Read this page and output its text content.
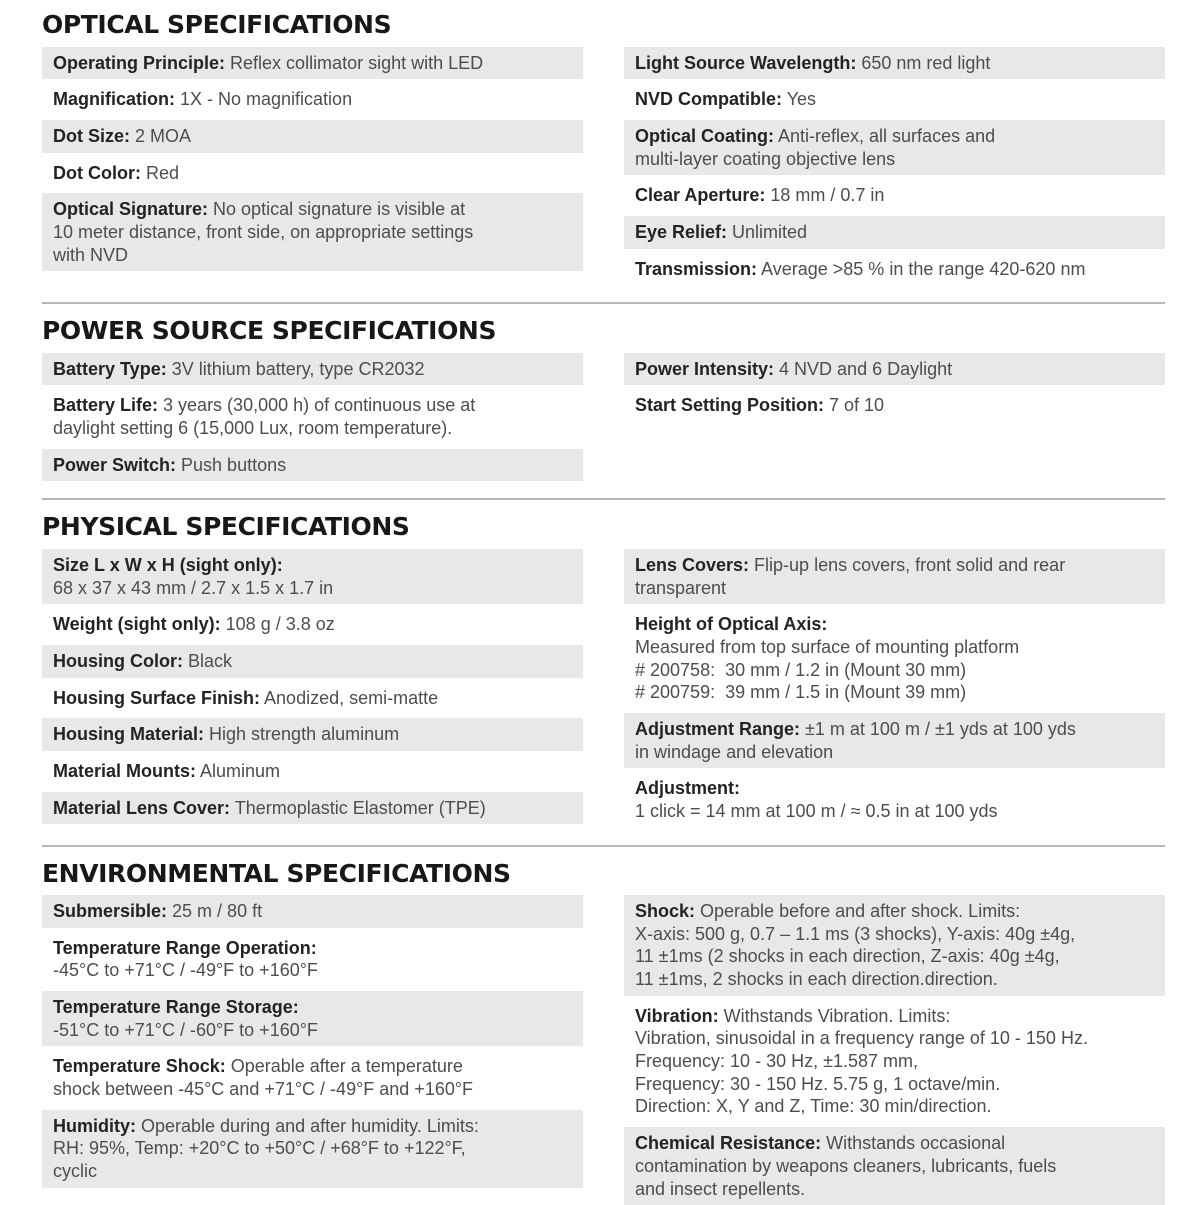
OPTICAL SPECIFICATIONS
Operating Principle: Reflex collimator sight with LED
Magnification: 1X - No magnification
Dot Size: 2 MOA
Dot Color: Red
Optical Signature: No optical signature is visible at
10 meter distance, front side, on appropriate settings
with NVD
Light Source Wavelength: 650 nm red light
NVD Compatible: Yes
Optical Coating: Anti-reflex, all surfaces and
multi-layer coating objective lens
Clear Aperture: 18 mm / 0.7 in
Eye Relief: Unlimited
Transmission: Average >85 % in the range 420-620 nm
POWER SOURCE SPECIFICATIONS
Battery Type: 3V lithium battery, type CR2032
Battery Life: 3 years (30,000 h) of continuous use at
daylight setting 6 (15,000 Lux, room temperature).
Power Switch: Push buttons
Power Intensity: 4 NVD and 6 Daylight
Start Setting Position: 7 of 10
PHYSICAL SPECIFICATIONS
Size L x W x H (sight only):
68 x 37 x 43 mm / 2.7 x 1.5 x 1.7 in
Weight (sight only): 108 g / 3.8 oz
Housing Color: Black
Housing Surface Finish: Anodized, semi-matte
Housing Material: High strength aluminum
Material Mounts: Aluminum
Material Lens Cover: Thermoplastic Elastomer (TPE)
Lens Covers: Flip-up lens covers, front solid and rear
transparent
Height of Optical Axis:
Measured from top surface of mounting platform
# 200758:  30 mm / 1.2 in (Mount 30 mm)
# 200759:  39 mm / 1.5 in (Mount 39 mm)
Adjustment Range: ±1 m at 100 m / ±1 yds at 100 yds
in windage and elevation
Adjustment:
1 click = 14 mm at 100 m / ≈ 0.5 in at 100 yds
ENVIRONMENTAL SPECIFICATIONS
Submersible: 25 m / 80 ft
Temperature Range Operation:
-45°C to +71°C / -49°F to +160°F
Temperature Range Storage:
-51°C to +71°C / -60°F to +160°F
Temperature Shock: Operable after a temperature
shock between -45°C and +71°C / -49°F and +160°F
Humidity: Operable during and after humidity. Limits:
RH: 95%, Temp: +20°C to +50°C / +68°F to +122°F,
cyclic
Shock: Operable before and after shock. Limits:
X-axis: 500 g, 0.7 – 1.1 ms (3 shocks), Y-axis: 40g ±4g,
11 ±1ms (2 shocks in each direction, Z-axis: 40g ±4g,
11 ±1ms, 2 shocks in each direction.direction.
Vibration: Withstands Vibration. Limits:
Vibration, sinusoidal in a frequency range of 10 - 150 Hz.
Frequency: 10 - 30 Hz, ±1.587 mm,
Frequency: 30 - 150 Hz. 5.75 g, 1 octave/min.
Direction: X, Y and Z, Time: 30 min/direction.
Chemical Resistance: Withstands occasional
contamination by weapons cleaners, lubricants, fuels
and insect repellents.
